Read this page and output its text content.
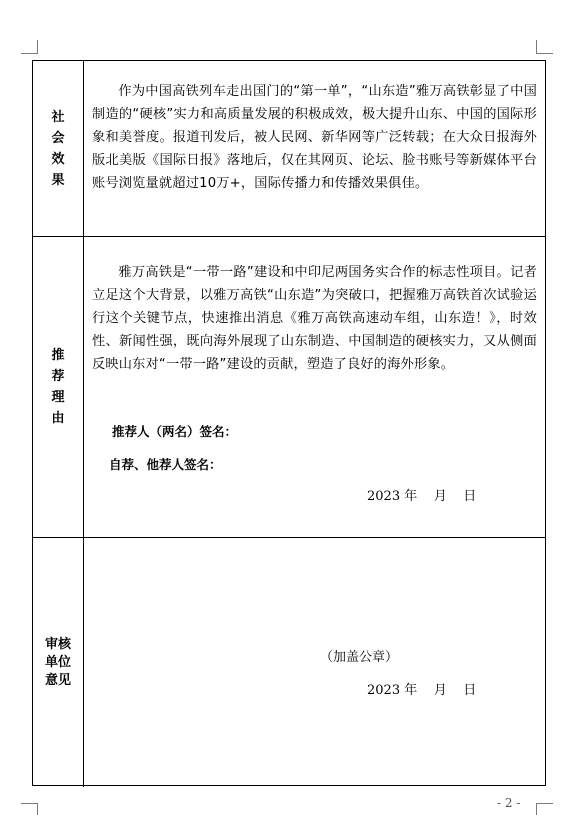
社会效果
作为中国高铁列车走出国门的“第一单”，“山东造”雅万高铁彰显了中国制造的“硬核”实力和高质量发展的积极成效，极大提升山东、中国的国际形象和美誉度。报道刊发后，被人民网、新华网等广泛转载；在大众日报海外版北美版《国际日报》落地后，仅在其网页、论坛、脸书账号等新媒体平台账号浏览量就超过10万+，国际传播力和传播效果俱佳。
推荐理由
雅万高铁是“一带一路”建设和中印尼两国务实合作的标志性项目。记者立足这个大背景，以雅万高铁“山东造”为突破口，把握雅万高铁首次试验运行这个关键节点，快速推出消息《雅万高铁高速动车组，山东造！》，时效性、新闻性强，既向海外展现了山东制造、中国制造的硬核实力，又从侧面反映山东对“一带一路”建设的贡献，塑造了良好的海外形象。
推荐人（两名）签名：
自荐、他荐人签名：
2023 年    月    日
审核单位意见
（加盖公章）
2023 年    月    日
- 2 -
